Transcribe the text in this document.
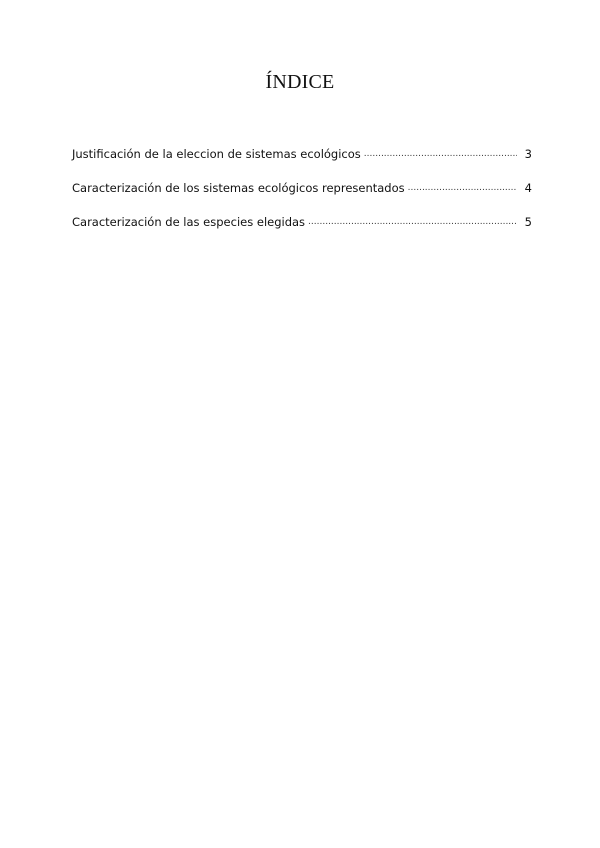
ÍNDICE
Justificación de la eleccion de sistemas ecológicos .....	3
Caracterización de los sistemas ecológicos representados .....	4
Caracterización de las especies elegidas .....	5
